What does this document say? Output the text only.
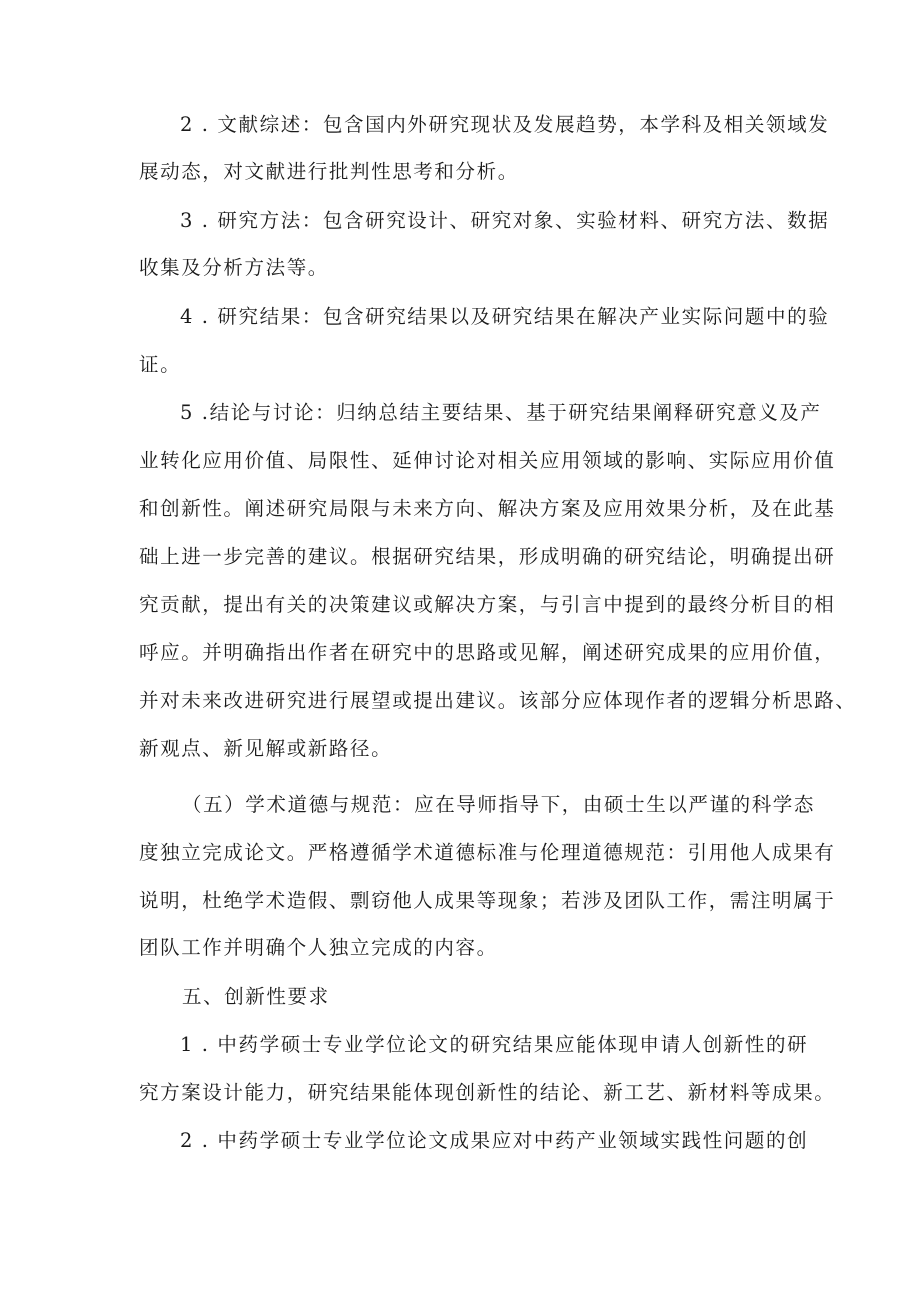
2 . 文献综述：包含国内外研究现状及发展趋势，本学科及相关领域发
展动态，对文献进行批判性思考和分析。
3 . 研究方法：包含研究设计、研究对象、实验材料、研究方法、数据
收集及分析方法等。
4 . 研究结果：包含研究结果以及研究结果在解决产业实际问题中的验
证。
5 .结论与讨论：归纳总结主要结果、基于研究结果阐释研究意义及产
业转化应用价值、局限性、延伸讨论对相关应用领域的影响、实际应用价值
和创新性。阐述研究局限与未来方向、解决方案及应用效果分析，及在此基
础上进一步完善的建议。根据研究结果，形成明确的研究结论，明确提出研
究贡献，提出有关的决策建议或解决方案，与引言中提到的最终分析目的相
呼应。并明确指出作者在研究中的思路或见解，阐述研究成果的应用价值，
并对未来改进研究进行展望或提出建议。该部分应体现作者的逻辑分析思路、
新观点、新见解或新路径。
（五）学术道德与规范：应在导师指导下，由硕士生以严谨的科学态
度独立完成论文。严格遵循学术道德标准与伦理道德规范：引用他人成果有
说明，杜绝学术造假、剽窃他人成果等现象；若涉及团队工作，需注明属于
团队工作并明确个人独立完成的内容。
五、创新性要求
1 . 中药学硕士专业学位论文的研究结果应能体现申请人创新性的研
究方案设计能力，研究结果能体现创新性的结论、新工艺、新材料等成果。
2 . 中药学硕士专业学位论文成果应对中药产业领域实践性问题的创
